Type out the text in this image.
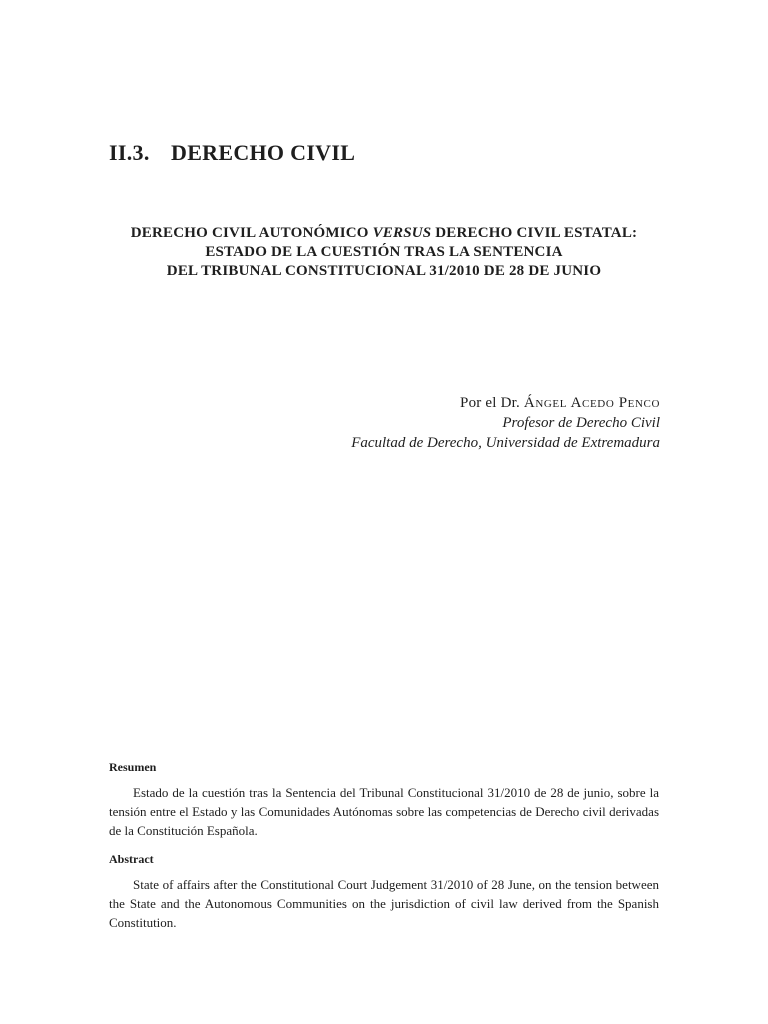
II.3. DERECHO CIVIL
DERECHO CIVIL AUTONÓMICO VERSUS DERECHO CIVIL ESTATAL:
ESTADO DE LA CUESTIÓN TRAS LA SENTENCIA
DEL TRIBUNAL CONSTITUCIONAL 31/2010 DE 28 DE JUNIO
Por el Dr. Ángel Acedo Penco
Profesor de Derecho Civil
Facultad de Derecho, Universidad de Extremadura
Resumen

Estado de la cuestión tras la Sentencia del Tribunal Constitucional 31/2010 de 28 de junio, sobre la tensión entre el Estado y las Comunidades Autónomas sobre las competencias de Derecho civil derivadas de la Constitución Española.

Abstract

State of affairs after the Constitutional Court Judgement 31/2010 of 28 June, on the tension between the State and the Autonomous Communities on the jurisdiction of civil law derived from the Spanish Constitution.
